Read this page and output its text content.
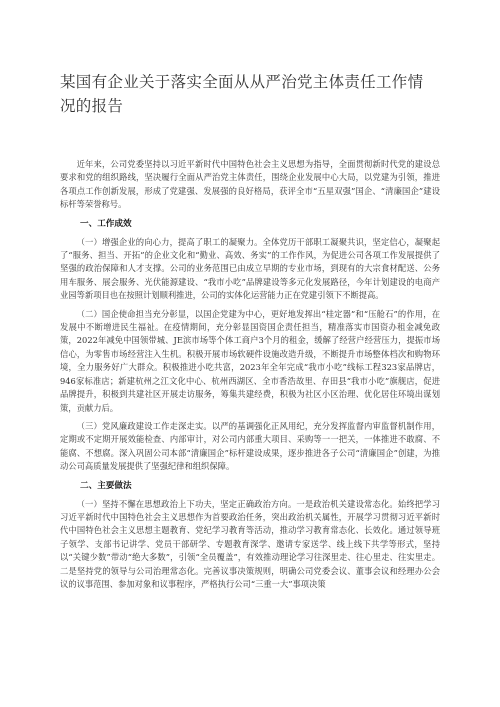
某国有企业关于落实全面从从严治党主体责任工作情况的报告

近年来，公司党委坚持以习近平新时代中国特色社会主义思想为指导，全面贯彻新时代党的建设总要求和党的组织路线，坚决履行全面从严治党主体责任，围绕企业发展中心大局，以党建为引领，推进各项点工作创新发展，形成了党建强、发展强的良好格局，获评全市“五星双强”国企、“清廉国企”建设标杆等荣誉称号。

一、工作成效

（一）增强企业的向心力，提高了职工的凝聚力。全体党历干部职工凝聚共识，坚定信心，凝聚起了“服务、担当、开拓”的企业文化和“勤业、高效、务实”的工作作风，为促进公司各项工作发展提供了坚强的政治保障和人才支撑。公司的业务范围已由成立早期的专业市场，到现有的大宗食材配送、公务用车服务、展会服务、光伏能源建设、“我市小吃”品牌建设等多元化发展路径，今年计划建设的电商产业园等新项目也在按照计划顺利推进，公司的实体化运营能力正在党建引领下不断提高。

（二）国企使命担当充分彰显，以国企党建为中心，更好地发挥出“桂定器”和“压舱石”的作用，在发展中不断增进民生福祉。在疫情期间，充分彰显国资国企责任担当，精准落实市国资办租金减免政策，2022年减免中国领带城、JE滨市场等个体工商户3个月的租金，缓解了经营户经营压力，提振市场信心，为零售市场经营注入生机。积极开展市场软硬件设施改造升级，不断提升市场整体档次和购物环境，全力服务好广大群众。积极推进小吃共富，2023年全年完成“我市小吃”线标工程323家品牌店，946家标准店；新建杭州之江文化中心、杭州西湖区、全市香浩故里、存田县“我市小吃”旗舰店，促进品牌提升，积极到共建社区开展走访服务，筹集共建经费，积极为社区小区治理、优化居住环境出谋划策，贡献力后。

（三）党风廉政建设工作走深走实。以严的基调强化正风用纪，充分发挥监督内审监督机制作用，定期或不定期开展效能检查、内部审计，对公司内部重大项目、采购等一一把关，一体推进不敢腐、不能腐、不想腐。深入巩固公司本部“清廉国企”标杆建设成果，逐步推进各子公司“清廉国企”创建，为推动公司高质量发展提供了坚强纪律和组织保障。

二、主要做法

（一）坚持不懈在思想政治上下功夫，坚定正确政治方向。一是政治机关建设常态化。始终把学习习近平新时代中国特色社会主义思想作为首要政治任务，突出政治机关属性，开展学习贯彻习近平新时代中国特色社会主义思想主题教育、党纪学习教育等活动，推动学习教育常态化、长效化。通过领导班子领学、支部书记讲学、党员干部研学、专题教育深学、邀请专家送学、线上线下共学等形式，坚持以“关键少数”带动“绝大多数”，引领“全员覆盖”，有效推动理论学习往深里走、往心里走、往实里走。二是坚持党的领导与公司治理常态化。完善议事决策规则，明确公司党委会议、董事会议和经理办公会议的议事范围、参加对象和议事程序，严格执行公司“三重一大”事项决策
